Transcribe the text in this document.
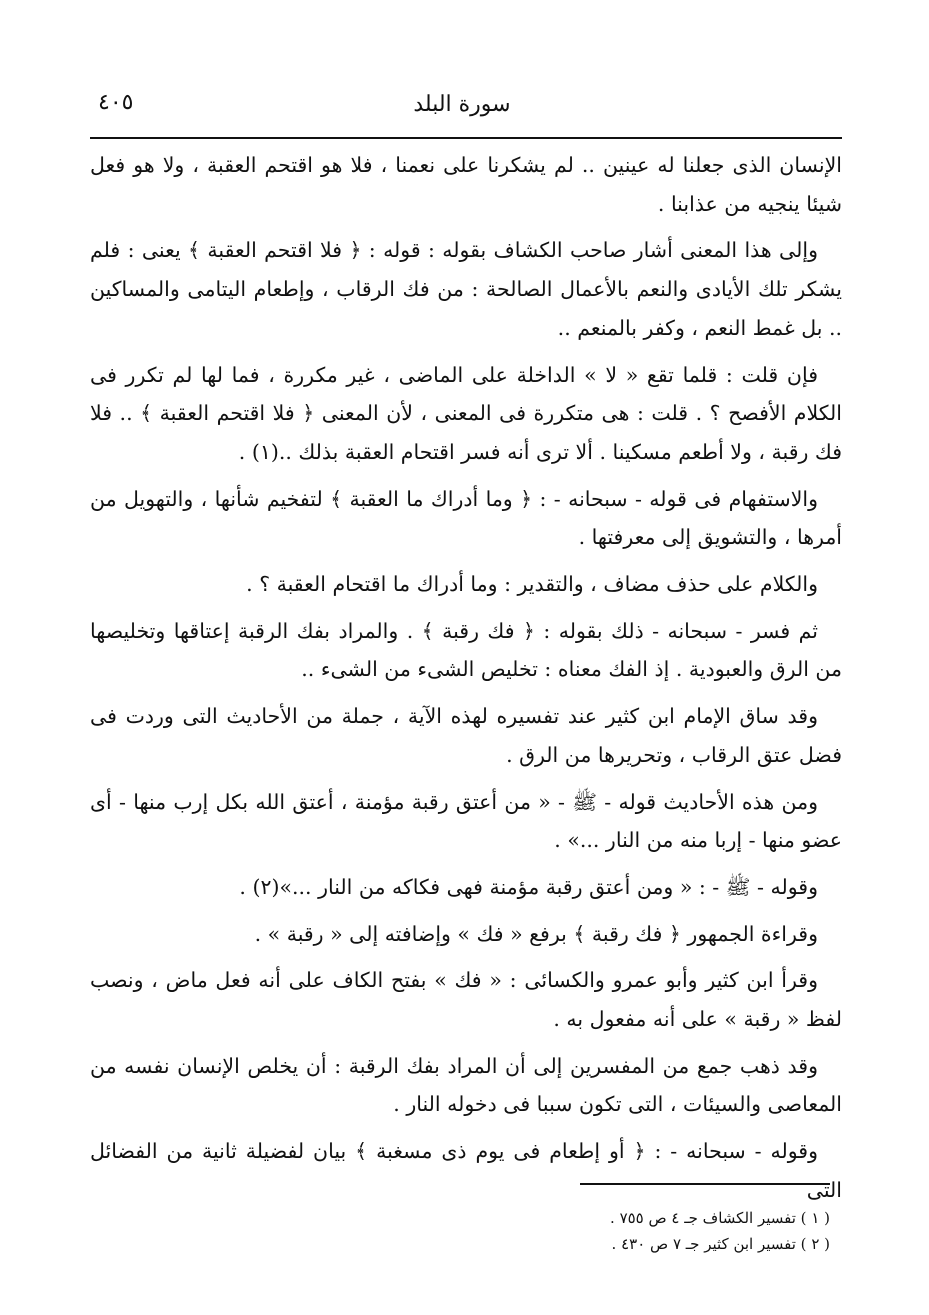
سورة البلد
٤٠٥

الإنسان الذى جعلنا له عينين .. لم يشكرنا على نعمنا ، فلا هو اقتحم العقبة ، ولا هو فعل شيئا ينجيه من عذابنا .

وإلى هذا المعنى أشار صاحب الكشاف بقوله : قوله : ﴿ فلا اقتحم العقبة ﴾ يعنى : فلم يشكر تلك الأيادى والنعم بالأعمال الصالحة : من فك الرقاب ، وإطعام اليتامى والمساكين .. بل غمط النعم ، وكفر بالمنعم ..

فإن قلت : قلما تقع « لا » الداخلة على الماضى ، غير مكررة ، فما لها لم تكرر فى الكلام الأفصح ؟ . قلت : هى متكررة فى المعنى ، لأن المعنى ﴿ فلا اقتحم العقبة ﴾ .. فلا فك رقبة ، ولا أطعم مسكينا . ألا ترى أنه فسر اقتحام العقبة بذلك ..(١) .

والاستفهام فى قوله - سبحانه - : ﴿ وما أدراك ما العقبة ﴾ لتفخيم شأنها ، والتهويل من أمرها ، والتشويق إلى معرفتها .

والكلام على حذف مضاف ، والتقدير : وما أدراك ما اقتحام العقبة ؟ .

ثم فسر - سبحانه - ذلك بقوله : ﴿ فك رقبة ﴾ . والمراد بفك الرقبة إعتاقها وتخليصها من الرق والعبودية . إذ الفك معناه : تخليص الشىء من الشىء ..

وقد ساق الإمام ابن كثير عند تفسيره لهذه الآية ، جملة من الأحاديث التى وردت فى فضل عتق الرقاب ، وتحريرها من الرق .

ومن هذه الأحاديث قوله - ﷺ - « من أعتق رقبة مؤمنة ، أعتق الله بكل إرب منها - أى عضو منها - إربا منه من النار ...» .

وقوله - ﷺ - : « ومن أعتق رقبة مؤمنة فهى فكاكه من النار ...»(٢) .

وقراءة الجمهور ﴿ فك رقبة ﴾ برفع « فك » وإضافته إلى « رقبة » .

وقرأ ابن كثير وأبو عمرو والكسائى : « فك » بفتح الكاف على أنه فعل ماض ، ونصب لفظ « رقبة » على أنه مفعول به .

وقد ذهب جمع من المفسرين إلى أن المراد بفك الرقبة : أن يخلص الإنسان نفسه من المعاصى والسيئات ، التى تكون سببا فى دخوله النار .

وقوله - سبحانه - : ﴿ أو إطعام فى يوم ذى مسغبة ﴾ بيان لفضيلة ثانية من الفضائل التى

( ١ ) تفسير الكشاف جـ ٤ ص ٧٥٥ .
( ٢ ) تفسير ابن كثير جـ ٧ ص ٤٣٠ .
